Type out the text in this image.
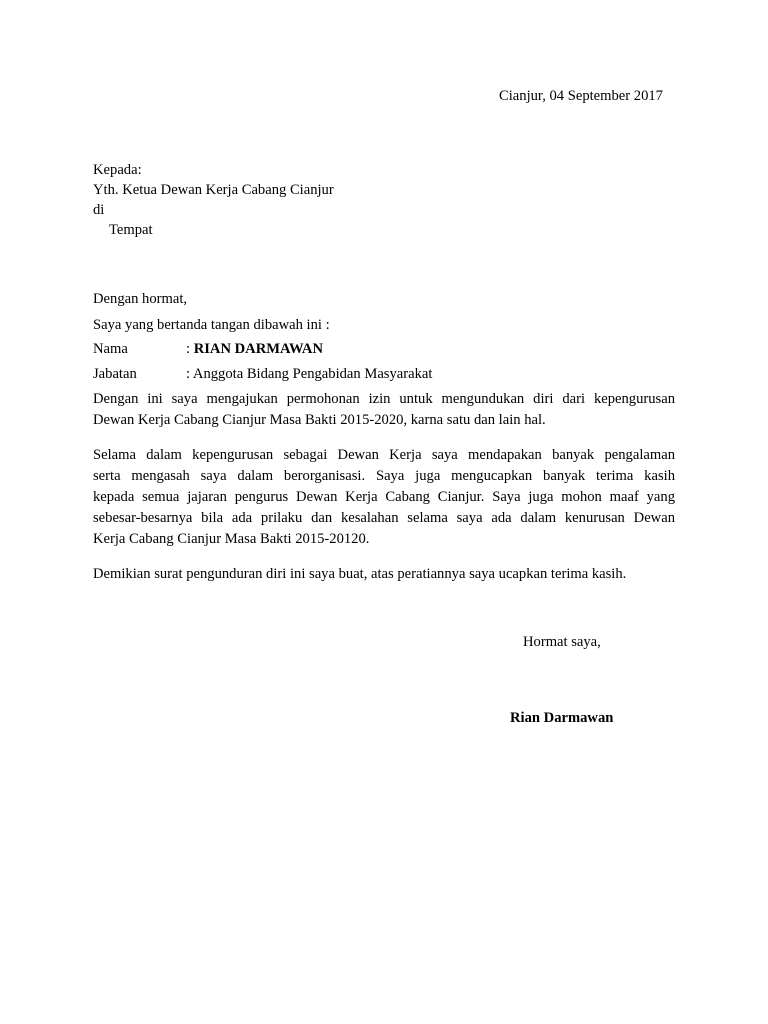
Cianjur, 04 September 2017
Kepada:
Yth. Ketua Dewan Kerja Cabang Cianjur
di
Tempat
Dengan hormat,
Saya yang bertanda tangan dibawah ini :
Nama	: RIAN DARMAWAN
Jabatan	: Anggota Bidang Pengabidan Masyarakat
Dengan ini saya mengajukan permohonan izin untuk mengundukan diri dari kepengurusan
Dewan Kerja Cabang Cianjur Masa Bakti 2015-2020, karna satu dan lain hal.
Selama dalam kepengurusan sebagai Dewan Kerja saya mendapakan banyak pengalaman
serta mengasah saya dalam berorganisasi. Saya juga mengucapkan banyak terima kasih
kepada semua jajaran pengurus Dewan Kerja Cabang Cianjur. Saya juga mohon maaf yang
sebesar-besarnya bila ada prilaku dan kesalahan selama saya ada dalam kenurusan Dewan
Kerja Cabang Cianjur Masa Bakti 2015-20120.
Demikian surat pengunduran diri ini saya buat, atas peratiannya saya ucapkan terima kasih.
Hormat saya,
Rian Darmawan
